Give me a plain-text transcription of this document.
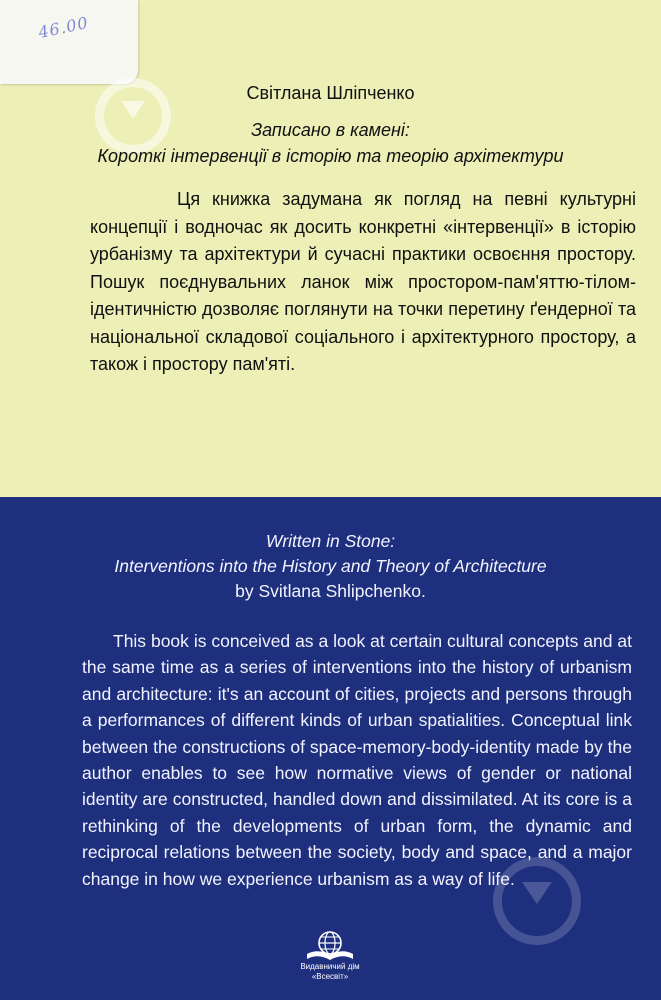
46.00
Світлана Шліпченко
Записано в камені:
Короткі інтервенції в історію та теорію архітектури

Ця книжка задумана як погляд на певні культурні концепції і водночас як досить конкретні «інтервенції» в історію урбанізму та архітектури й сучасні практики освоєння простору. Пошук поєднувальних ланок між простором-пам'яттю-тілом-ідентичністю дозволяє поглянути на точки перетину ґендерної та національної складової соціального і архітектурного простору, а також і простору пам'яті.

Written in Stone:
Interventions into the History and Theory of Architecture
by Svitlana Shlipchenko.

This book is conceived as a look at certain cultural concepts and at the same time as a series of interventions into the history of urbanism and architecture: it's an account of cities, projects and persons through a performances of different kinds of urban spatialities. Conceptual link between the constructions of space-memory-body-identity made by the author enables to see how normative views of gender or national identity are constructed, handled down and dissimilated. At its core is a rethinking of the developments of urban form, the dynamic and reciprocal relations between the society, body and space, and a major change in how we experience urbanism as a way of life.

Видавничий дім
«Всесвіт»
